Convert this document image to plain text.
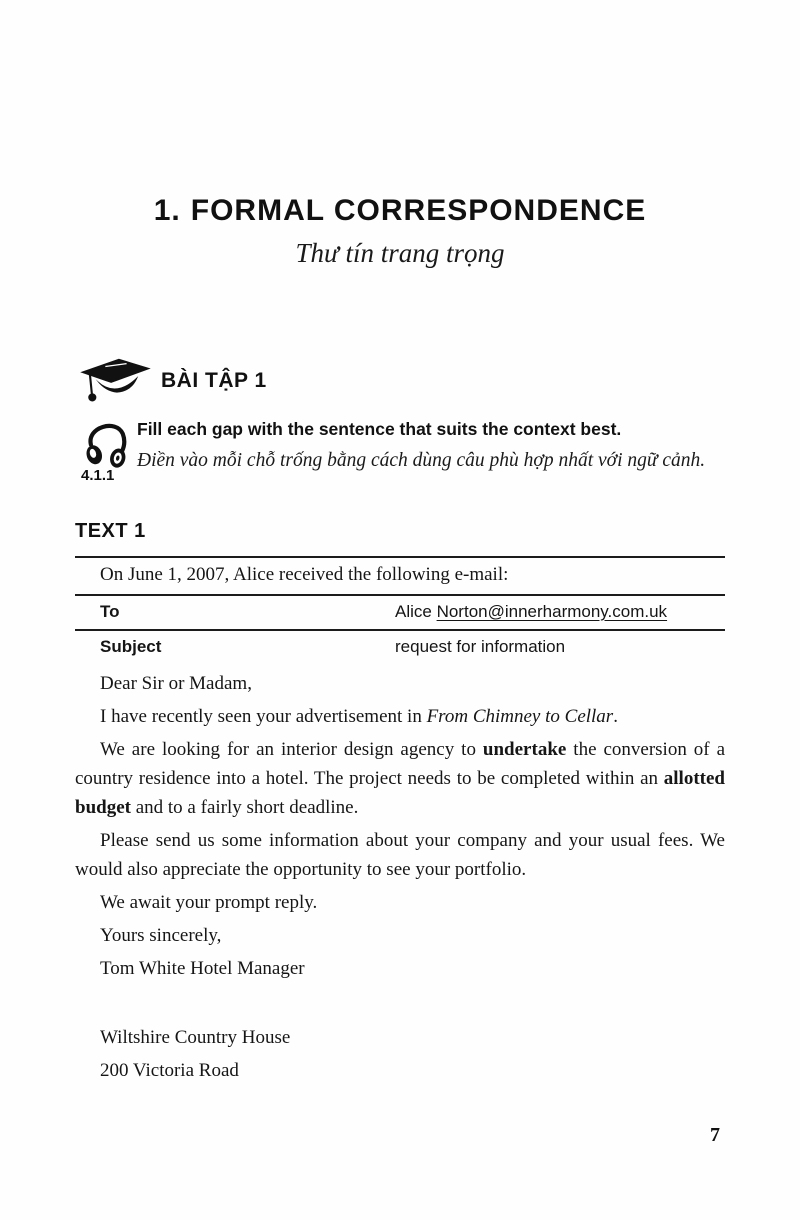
1. FORMAL CORRESPONDENCE
Thư tín trang trọng
BÀI TẬP 1
4.1.1
Fill each gap with the sentence that suits the context best.
Điền vào mỗi chỗ trống bằng cách dùng câu phù hợp nhất với ngữ cảnh.
TEXT 1
On June 1, 2007, Alice received the following e-mail:
To	Alice Norton@innerharmony.com.uk
Subject	request for information

Dear Sir or Madam,

I have recently seen your advertisement in From Chimney to Cellar.

We are looking for an interior design agency to undertake the conversion of a country residence into a hotel. The project needs to be completed within an allotted budget and to a fairly short deadline.

Please send us some information about your company and your usual fees. We would also appreciate the opportunity to see your portfolio.

We await your prompt reply.

Yours sincerely,

Tom White Hotel Manager

Wiltshire Country House

200 Victoria Road

7
